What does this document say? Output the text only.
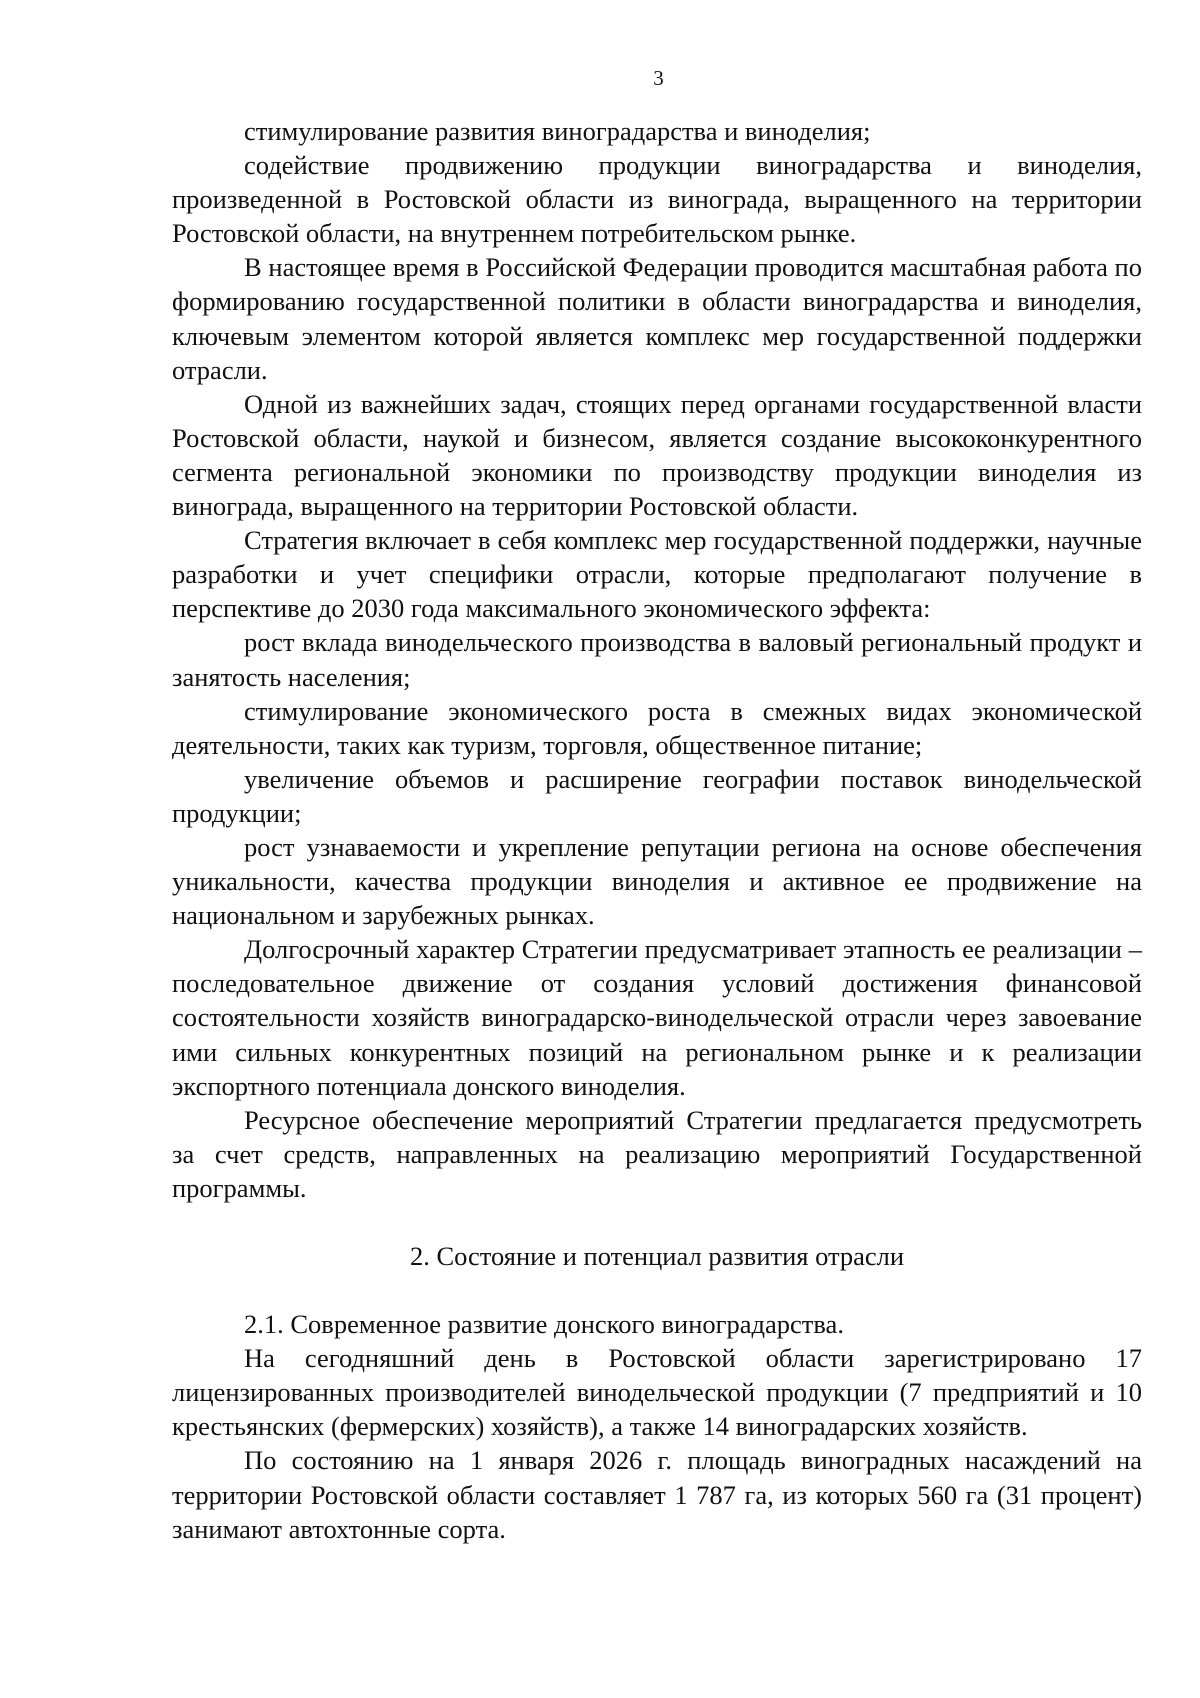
3

стимулирование развития виноградарства и виноделия;

содействие продвижению продукции виноградарства и виноделия, произведенной в Ростовской области из винограда, выращенного на территории Ростовской области, на внутреннем потребительском рынке.

В настоящее время в Российской Федерации проводится масштабная работа по формированию государственной политики в области виноградарства и виноделия, ключевым элементом которой является комплекс мер государственной поддержки отрасли.

Одной из важнейших задач, стоящих перед органами государственной власти Ростовской области, наукой и бизнесом, является создание высококонкурентного сегмента региональной экономики по производству продукции виноделия из винограда, выращенного на территории Ростовской области.

Стратегия включает в себя комплекс мер государственной поддержки, научные разработки и учет специфики отрасли, которые предполагают получение в перспективе до 2030 года максимального экономического эффекта:

рост вклада винодельческого производства в валовый региональный продукт и занятость населения;

стимулирование экономического роста в смежных видах экономической деятельности, таких как туризм, торговля, общественное питание;

увеличение объемов и расширение географии поставок винодельческой продукции;

рост узнаваемости и укрепление репутации региона на основе обеспечения уникальности, качества продукции виноделия и активное ее продвижение на национальном и зарубежных рынках.

Долгосрочный характер Стратегии предусматривает этапность ее реализации – последовательное движение от создания условий достижения финансовой состоятельности хозяйств виноградарско-винодельческой отрасли через завоевание ими сильных конкурентных позиций на региональном рынке и к реализации экспортного потенциала донского виноделия.

Ресурсное обеспечение мероприятий Стратегии предлагается предусмотреть за счет средств, направленных на реализацию мероприятий Государственной программы.

2. Состояние и потенциал развития отрасли

2.1. Современное развитие донского виноградарства.

На сегодняшний день в Ростовской области зарегистрировано 17 лицензированных производителей винодельческой продукции (7 предприятий и 10 крестьянских (фермерских) хозяйств), а также 14 виноградарских хозяйств.

По состоянию на 1 января 2026 г. площадь виноградных насаждений на территории Ростовской области составляет 1 787 га, из которых 560 га (31 процент) занимают автохтонные сорта.
